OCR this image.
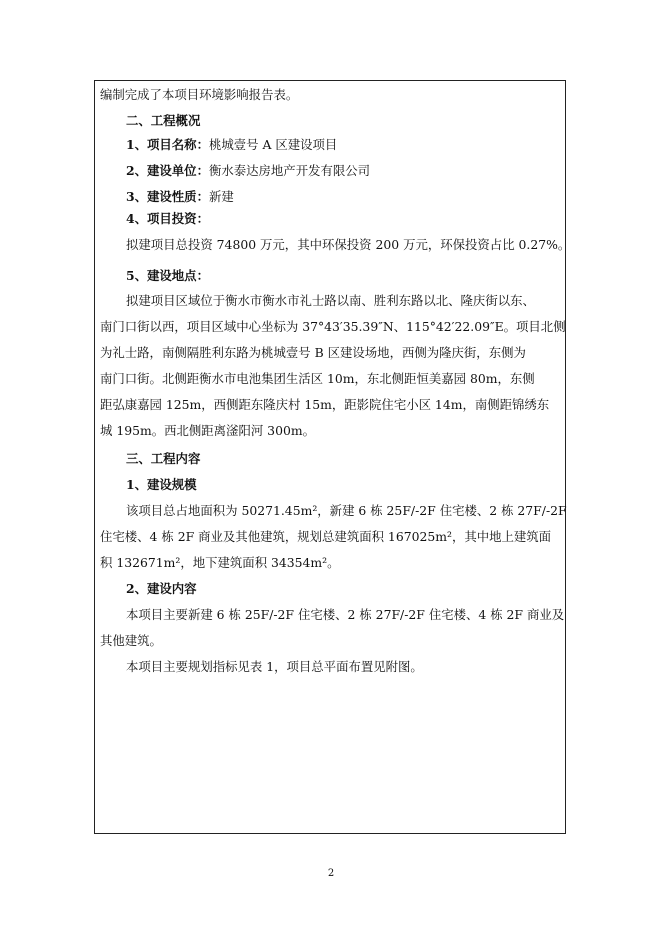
编制完成了本项目环境影响报告表。
二、工程概况
1、项目名称：桃城壹号 A 区建设项目
2、建设单位：衡水泰达房地产开发有限公司
3、建设性质：新建
4、项目投资：
拟建项目总投资 74800 万元，其中环保投资 200 万元，环保投资占比 0.27%。
5、建设地点：
拟建项目区域位于衡水市衡水市礼士路以南、胜利东路以北、隆庆街以东、
南门口街以西，项目区域中心坐标为 37°43′35.39″N、115°42′22.09″E。项目北侧
为礼士路，南侧隔胜利东路为桃城壹号 B 区建设场地，西侧为隆庆街，东侧为
南门口街。北侧距衡水市电池集团生活区 10m，东北侧距恒美嘉园 80m，东侧
距弘康嘉园 125m，西侧距东隆庆村 15m，距影院住宅小区 14m，南侧距锦绣东
城 195m。西北侧距离滏阳河 300m。
三、工程内容
1、建设规模
该项目总占地面积为 50271.45m²，新建 6 栋 25F/-2F 住宅楼、2 栋 27F/-2F
住宅楼、4 栋 2F 商业及其他建筑，规划总建筑面积 167025m²，其中地上建筑面
积 132671m²，地下建筑面积 34354m²。
2、建设内容
本项目主要新建 6 栋 25F/-2F 住宅楼、2 栋 27F/-2F 住宅楼、4 栋 2F 商业及
其他建筑。
本项目主要规划指标见表 1，项目总平面布置见附图。
2
